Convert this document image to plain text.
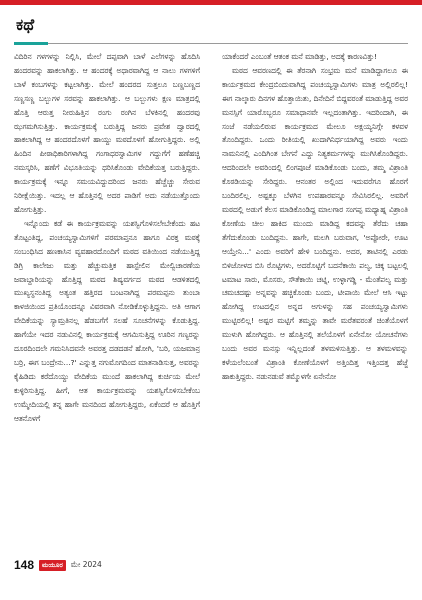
ಕಥೆ

ವಿದಿರಿನ ಗಳಗಳನ್ನು ನಿಲ್ಲಿಸಿ, ಮೇಲೆ ದಪ್ಪವಾಗಿ ಬಾಳೆ ಎಲೆಗಳನ್ನು ಹೊದಿಸಿ ಹಂದರವನ್ನು ಹಾಕಲಾಗಿತ್ತು. ಆ ಹಂದರಕ್ಕೆ ಅಧಾರವಾಗಿದ್ದ ಆ ನಾಲು ಗಳಗಳಿಗೆ ಬಾಳೆ ಕಂಬಗಳನ್ನು ಕಟ್ಟಲಾಗಿತ್ತು. ಮೇಲೆ ಹಂದರದ ಸುತ್ತಲೂ ಬಣ್ಣಬಣ್ಣದ ಸಣ್ಣಸಣ್ಣ ಬಲ್ಬುಗಳ ಸರವನ್ನು ಹಾಕಲಾಗಿತ್ತು. ಆ ಬಲ್ಬುಗಳು ಕ್ಷಣ ಮಾತ್ರದಲ್ಲಿ ಹೊತ್ತಿ ಆರುತ್ತ ನೀರುಹಿತ್ತಿನ ರಂಗು ರಂಗಿನ ಬೆಳಕಿನಲ್ಲಿ ಹಂದರವು ಝಗಮಗಿಸುತ್ತಿತ್ತು. ಕಾರ್ಯಕ್ರಮಕ್ಕೆ ಬರುತ್ತಿದ್ದ ಜನರು ಪ್ರವೇಶ ದ್ವಾರದಲ್ಲಿ ಹಾಕಲಾಗಿದ್ದ ಆ ಹಂದರದೊಳಗೆ ಹಾಯ್ದು ಮಠದೊಳಗೆ ಹೋಗುತ್ತಿದ್ದರು. ಅಲ್ಲಿ ಹಿಂದಿನ ಪೀಠಾಧಿಕಾರಿಗಳಾಗಿದ್ದ ಗಂಗಾಧರಸ್ವಾಮಿಗಳ ಗದ್ದುಗೆಗೆ ಹಣೆಹಚ್ಚಿ ನಮಸ್ಕರಿಸಿ, ಹಣೆಗೆ ವಿಭೂತಿಯನ್ನು ಧರಿಸಿಕೊಂಡು ವೇದಿಕೆಯತ್ತ ಬರುತ್ತಿದ್ದರು. ಕಾರ್ಯಕ್ರಮಕ್ಕೆ ಇನ್ನೂ ಸಮಯವಿದ್ದುದರಿಂದ ಜನರು ಹೆಚ್ಚೆಚ್ಚು ಸೇರುವ ನಿರೀಕ್ಷೆಯಿತ್ತು. ಇದಲ್ಲ ಆ ಹೊತ್ತಿನಲ್ಲಿ ಅದರ ಪಾಡಿಗೆ ಅದು ನಡೆಯುತ್ತೊಂದು ಹೋಗುತ್ತಿತ್ತು.

ಇನ್ನೊಂದು ಕಡೆ ಈ ಕಾರ್ಯಕ್ರಮವನ್ನು ಯಶಸ್ವಿಗೊಳಿಸಲೇಬೇಕೆಂದು ಹಟ ತೊಟ್ಟಂತಿದ್ದ, ಪಂಚಯ್ಯಸ್ವಾಮಿಗಳಿಗೆ ಪರಮಾಪ್ತನೂ ಹಾಗೂ ವಿರಕ್ತ ಮಠಕ್ಕೆ ಸಂಬಂಧಿಸಿದ ಹಣಕಾಸಿನ ವ್ಯವಹಾರದೊಂದಿಗೆ ಮಠದ ವತಿಯಿಂದ ನಡೆಯುತ್ತಿದ್ದ ಡಿಗ್ರಿ ಕಾಲೇಜು ಮತ್ತು ಹೆಚ್ಚುಮತ್ತಿಕ ಹಾಸ್ಟೇಲಿನ ಮೇಲ್ವಿಚಾರಣೆಯ ಜವಾಬ್ದಾರಿಯನ್ನು ಹೊತ್ತಿದ್ದ ಮಠದ ಶಿಷ್ಯವರ್ಗದ ಮಠದ ಆಡಳಿತದಲ್ಲಿ ಮುಖ್ಯಸ್ಥನಂತಿದ್ದ ಅತ್ಯಂತ ಹತ್ತಿರದ ಬಂಟನಾಗಿದ್ದ ಪರಮಪ್ಪನು ತುಂಬಾ ಕಾಳಜಿಯಿಂದ ಪ್ರತಿಯೊಂದನ್ನೂ ವಿವರವಾಗಿ ನೋಡಿಕೊಳ್ಳುತ್ತಿದ್ದನು. ಅತಿ ಆಗಾಗ ವೇದಿಕೆಯನ್ನು ಸ್ಯಾಮ್ರತಿನಲ್ಲ ಹೆಡಬಗೆಗೆ ಸಲಹೆ ಸೂಚನೆಗಳನ್ನು ಕೊಡುತ್ತಿದ್ದ. ಹಾಗೆಯೇ ಇದರ ನಡುವಿನಲ್ಲಿ ಕಾರ್ಯಕ್ರಮಕ್ಕೆ ಆಗಮಿಸುತ್ತಿದ್ದ ಊರಿನ ಗಣ್ಯರನ್ನು ದೂರದಿಂದಲೇ ಗಮನಿಸಿದವನೇ ಅವರತ್ತ ದಡದಡನೆ ಹೋಗಿ, 'ಬರಿ, ಯಜಮಾನ್ರ ಬರ್ರಿ, ಈಗ ಬಂದ್ರೇನು...?' ಎನ್ನುತ್ತ ನಗುಮೊಗದಿಂದ ಮಾತನಾಡಿಸುತ್ತ, ಅವರನ್ನು ಕೈಹಿಡಿದು ಕರೆದೊಯ್ದು ವೇದಿಕೆಯ ಮುಂದೆ ಹಾಕಲಾಗಿದ್ದ ಕುರ್ಚಿಯ ಮೇಲೆ ಕುಳ್ಳಿರಿಸುತ್ತಿದ್ದ. ಹೀಗೆ, ಆತ ಕಾರ್ಯಕ್ರಮವನ್ನು ಯಶಸ್ವಿಗೊಳಿಸಬೇಕೆಂಬ ಉಮ್ಮೇದಿಯಲ್ಲಿ ತನ್ನ ಹಾಗೇ ಮನದಿಂದ ಹೋಗುತ್ತಿದ್ದರು, ಏಕೆಂದರೆ ಆ ಹೊತ್ತಿಗೆ ಆತನೊಳಗೆ

ಯಾಕೆಂದರೆ ಎಂಬಂತೆ ಆತಂಕ ಮನೆ ಮಾಡಿತ್ತು, ಅದಕ್ಕೆ ಕಾರಣವಿತ್ತು!

ಮಠದ ಆವರಣದಲ್ಲಿ ಈ ತೆರನಾಗಿ ಸಂಭ್ರಮ ಮನೆ ಮಾಡಿದ್ದಾಗಲೂ ಈ ಕಾರ್ಯಕ್ರಮದ ಕೇಂದ್ರಬಿಂದುವಾಗಿದ್ದ ಪಂಚಯ್ಯಸ್ವಾಮಿಗಳು ಮಾತ್ರ ಅಲ್ಲಿರಲಿಲ್ಲ! ಈಗ ನಾಲ್ಕಾರು ದಿನಗಳ ಹೊತ್ತಾಯಿತು, ದಿನೇದಿನೆ ಬಿದ್ದವರಂತೆ ಮಾಡುತ್ತಿದ್ದ ಅವರ ಮನಸ್ಸಿಗೆ ಯಾರೊಬ್ಬರೂ ಸಮಾಧಾನವೇ ಇಲ್ಲದಂತಾಗಿತ್ತು. ಇದರಿಂದಾಗಿ, ಈ ಸಂಜೆ ನಡೆಯಲಿರುವ ಕಾರ್ಯಕ್ರಮದ ಮೇಲೂ ಅಕ್ಷಯ್ಯನಿಗ್ಗೇ ಕಳವಳ ತೊಂದಿದ್ದರು. ಒಂದು ರೀತಿಯಲ್ಲಿ ಖುದಾಗಿನಿರ್ಧಯಾಗಿದ್ದ ಅವರು ಇಂದು ನಾಮನಿನಲ್ಲಿ ಎಂದಿಗಿಂತ ಬೇಗನೆ ಎದ್ದು ನಿತ್ಯಕರ್ಮಗಳನ್ನು ಮುಗಿಸಿಕೊಂಡಿದ್ದರು. ಆದರಿಂದಲೇ ಅವರಿಂದಲ್ಲಿ ಲಿಂಗಪೂಜೆ ಮಾಡಿಕೊಂಡು ಬಂದು, ತಮ್ಮ ವಿಶ್ರಾಂತಿ ಕೊಠಡಿಯನ್ನು ಸೇರಿದ್ದರು. ಆನಂತರ ಅಲ್ಲಿಂದ ಇದುವರೆಗೂ ಹೊರಗೆ ಬಂದಿರಲಿಲ್ಲ. ಅಷ್ಟಕ್ಕೂ ಬೆಳಗಿನ ಉಪಹಾರವನ್ನೂ ಸೇವಿಸಿರಲಿಲ್ಲ. ಅವರಿಗೆ ಮಠದಲ್ಲಿ ಅಡುಗೆ ಕೆಲಸ ಮಾಡಿಕೊಂಡಿದ್ದ ಮಾಲಗಾರ ಸಂಗಪ್ಪ ಮಧ್ಯಾಹ್ನ ವಿಶ್ರಾಂತಿ ಕೋಣೆಯ ಚೀಲ ಹಾಕಿದ ಮುಂದು ಮಾಡಿದ್ದ ಕದವನ್ನು ತೆರೆದು ಚಹಾ ತೆಗೆದುಕೊಂಡು ಬಂದಿದ್ದನು. ಹಾಗೇ, ಮಲಗಿ ಬರುವಾಗ, 'ಅಪ್ಪೋರೇ, ಊಟ ಆಯ್ತೇನಿ...' ಎಂದು ಅವರಿಗೆ ಹೇಳಿ ಬಂದಿದ್ದನು. ಅದರ, ತಾಟಿನಲ್ಲಿ ಎರಡು ಬಿಳಿಜೋಳದ ಬಿಸಿ ರೊಟ್ಟಿಗಳು, ಅದರೊಟ್ಟಿಗೆ ಬದನೆಕಾಯಿ ಪಲ್ಯ, ಚಿಕ್ಕ ಬಟ್ಟಲಲ್ಲಿ ಟಮಾಟ ಸಾರು, ಮೊಸರು, ಸೌತೆಕಾಯಿ ಚಟ್ನಿ, ಉಳ್ಳಾಗಡ್ಡಿ - ಮೆಂತೆಪಲ್ಯ ಮತ್ತು ಚಮಚದಷ್ಟು ಅನ್ನವನ್ನು ಹಚ್ಚಿಕೊಂಡು ಬಂದು, ಟೀಪಾಯಿ ಮೇಲೆ ಆಸಿ ಇಟ್ಟು ಹೋಗಿದ್ದ ಉಟದಲ್ಲಿನ ಅನ್ನದ ಅಗುಳನ್ನು ಸಹ ಪಂಚಯ್ಯಸ್ವಾಮಿಗಳು ಮುಟ್ಟಿರಲಿಲ್ಲ! ಅಷ್ಟರ ಮಟ್ಟಿಗೆ ತಮ್ಮನ್ನು ತಾವೇ ಮರೆತವರಂತೆ ಚಿಂತೆಯೊಳಗೆ ಮುಳುಗಿ ಹೋಗಿದ್ದರು. ಆ ಹೊತ್ತಿನಲ್ಲಿ ತಲೆಯೊಳಗೆ ಏನೇನೋ ಯೋಚನೆಗಳು ಬಂದು ಅವರ ಮನಸ್ಸು ಇನ್ನಿಲ್ಲದಂತೆ ತಳಮಳಿಸುತ್ತಿತ್ತು. ಆ ತಳಮಳವನ್ನು ಕಳೆಯಲೆಂಬಂತೆ ವಿಶ್ರಾಂತಿ ಕೋಣೆಯೊಳಗೆ ಅತ್ತಿಂದಿತ್ತ ಇತ್ತಿಂದತ್ತ ಹೆಜ್ಜೆ ಹಾಕುತ್ತಿದ್ದರು. ನಡುನಡುವೆ ತಮ್ಮೊಳಗೇ ಏನೇನೋ

148	ಮಯೂರ	ಮೇ 2024
